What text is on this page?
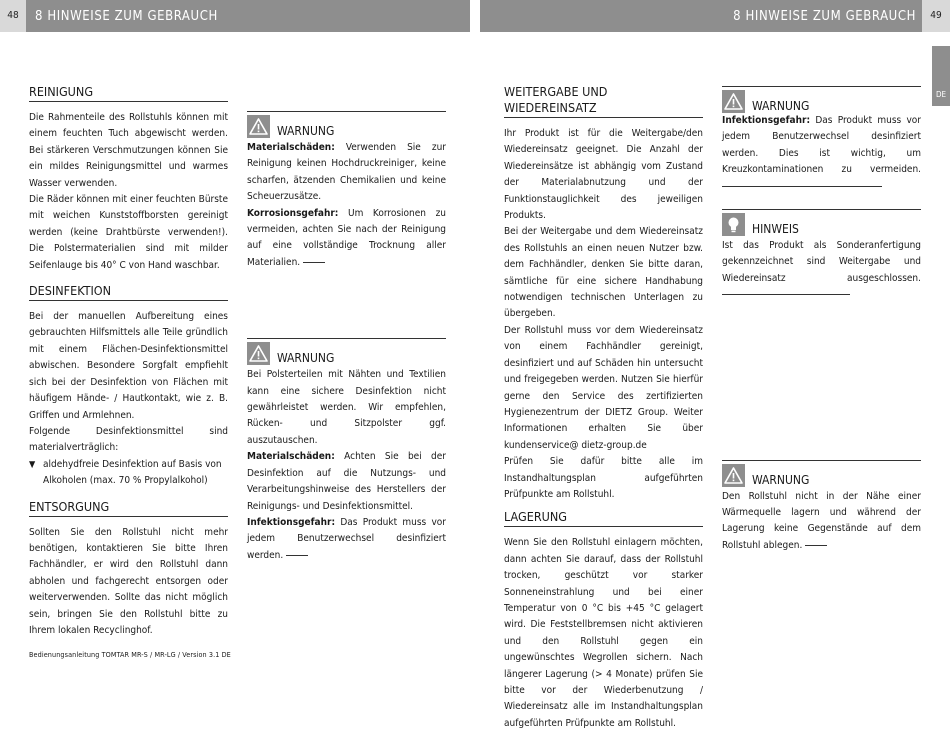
48	8 HINWEISE ZUM GEBRAUCH	8 HINWEISE ZUM GEBRAUCH	49
DE
REINIGUNG

Die Rahmenteile des Rollstuhls können mit einem feuchten Tuch abgewischt werden. Bei stärkeren Verschmutzungen können Sie ein mildes Reinigungsmittel und warmes Wasser verwenden.

Die Räder können mit einer feuchten Bürste mit weichen Kunststoffborsten gereinigt werden (keine Drahtbürste verwenden!). Die Polstermaterialien sind mit milder Seifenlauge bis 40° C von Hand waschbar.

DESINFEKTION

Bei der manuellen Aufbereitung eines gebrauchten Hilfsmittels alle Teile gründlich mit einem Flächen-Desinfektionsmittel abwischen. Besondere Sorgfalt empfiehlt sich bei der Desinfektion von Flächen mit häufigem Hände- / Hautkontakt, wie z. B. Griffen und Armlehnen.

Folgende Desinfektionsmittel sind materialverträglich:

▼ aldehydfreie Desinfektion auf Basis von Alkoholen (max. 70 % Propylalkohol)
ENTSORGUNG

Sollten Sie den Rollstuhl nicht mehr benötigen, kontaktieren Sie bitte Ihren Fachhändler, er wird den Rollstuhl dann abholen und fachgerecht entsorgen oder weiterverwenden. Sollte das nicht möglich sein, bringen Sie den Rollstuhl bitte zu Ihrem lokalen Recyclinghof.

WARNUNG

Materialschäden: Verwenden Sie zur Reinigung keinen Hochdruckreiniger, keine scharfen, ätzenden Chemikalien und keine Scheuerzusätze.

Korrosionsgefahr: Um Korrosionen zu vermeiden, achten Sie nach der Reinigung auf eine vollständige Trocknung aller Materialien.

WARNUNG

Bei Polsterteilen mit Nähten und Textilien kann eine sichere Desinfektion nicht gewährleistet werden. Wir empfehlen, Rücken- und Sitzpolster ggf. auszutauschen.

Materialschäden: Achten Sie bei der Desinfektion auf die Nutzungs- und Verarbeitungshinweise des Herstellers der Reinigungs- und Desinfektionsmittel.

Infektionsgefahr: Das Produkt muss vor jedem Benutzerwechsel desinfiziert werden.

WEITERGABE UND WIEDEREINSATZ

Ihr Produkt ist für die Weitergabe/den Wiedereinsatz geeignet. Die Anzahl der Wiedereinsätze ist abhängig vom Zustand der Materialabnutzung und der Funktionstauglichkeit des jeweiligen Produkts.

Bei der Weitergabe und dem Wiedereinsatz des Rollstuhls an einen neuen Nutzer bzw. dem Fachhändler, denken Sie bitte daran, sämtliche für eine sichere Handhabung notwendigen technischen Unterlagen zu übergeben.

Der Rollstuhl muss vor dem Wiedereinsatz von einem Fachhändler gereinigt, desinfiziert und auf Schäden hin untersucht und freigegeben werden. Nutzen Sie hierfür gerne den Service des zertifizierten Hygienezentrum der DIETZ Group. Weiter Informationen erhalten Sie über kundenservice@ dietz-group.de

Prüfen Sie dafür bitte alle im Instandhaltungsplan aufgeführten Prüfpunkte am Rollstuhl.

LAGERUNG

Wenn Sie den Rollstuhl einlagern möchten, dann achten Sie darauf, dass der Rollstuhl trocken, geschützt vor starker Sonneneinstrahlung und bei einer Temperatur von 0 °C bis +45 °C gelagert wird. Die Feststellbremsen nicht aktivieren und den Rollstuhl gegen ein ungewünschtes Wegrollen sichern. Nach längerer Lagerung (> 4 Monate) prüfen Sie bitte vor der Wiederbenutzung / Wiedereinsatz alle im Instandhaltungsplan aufgeführten Prüfpunkte am Rollstuhl.

WARNUNG

Infektionsgefahr: Das Produkt muss vor jedem Benutzerwechsel desinfiziert werden. Dies ist wichtig, um Kreuzkontaminationen zu vermeiden.

HINWEIS

Ist das Produkt als Sonderanfertigung gekennzeichnet sind Weitergabe und Wiedereinsatz ausgeschlossen.

WARNUNG

Den Rollstuhl nicht in der Nähe einer Wärmequelle lagern und während der Lagerung keine Gegenstände auf dem Rollstuhl ablegen.

Bedienungsanleitung TOMTAR MR-S / MR-LG / Version 3.1 DE
